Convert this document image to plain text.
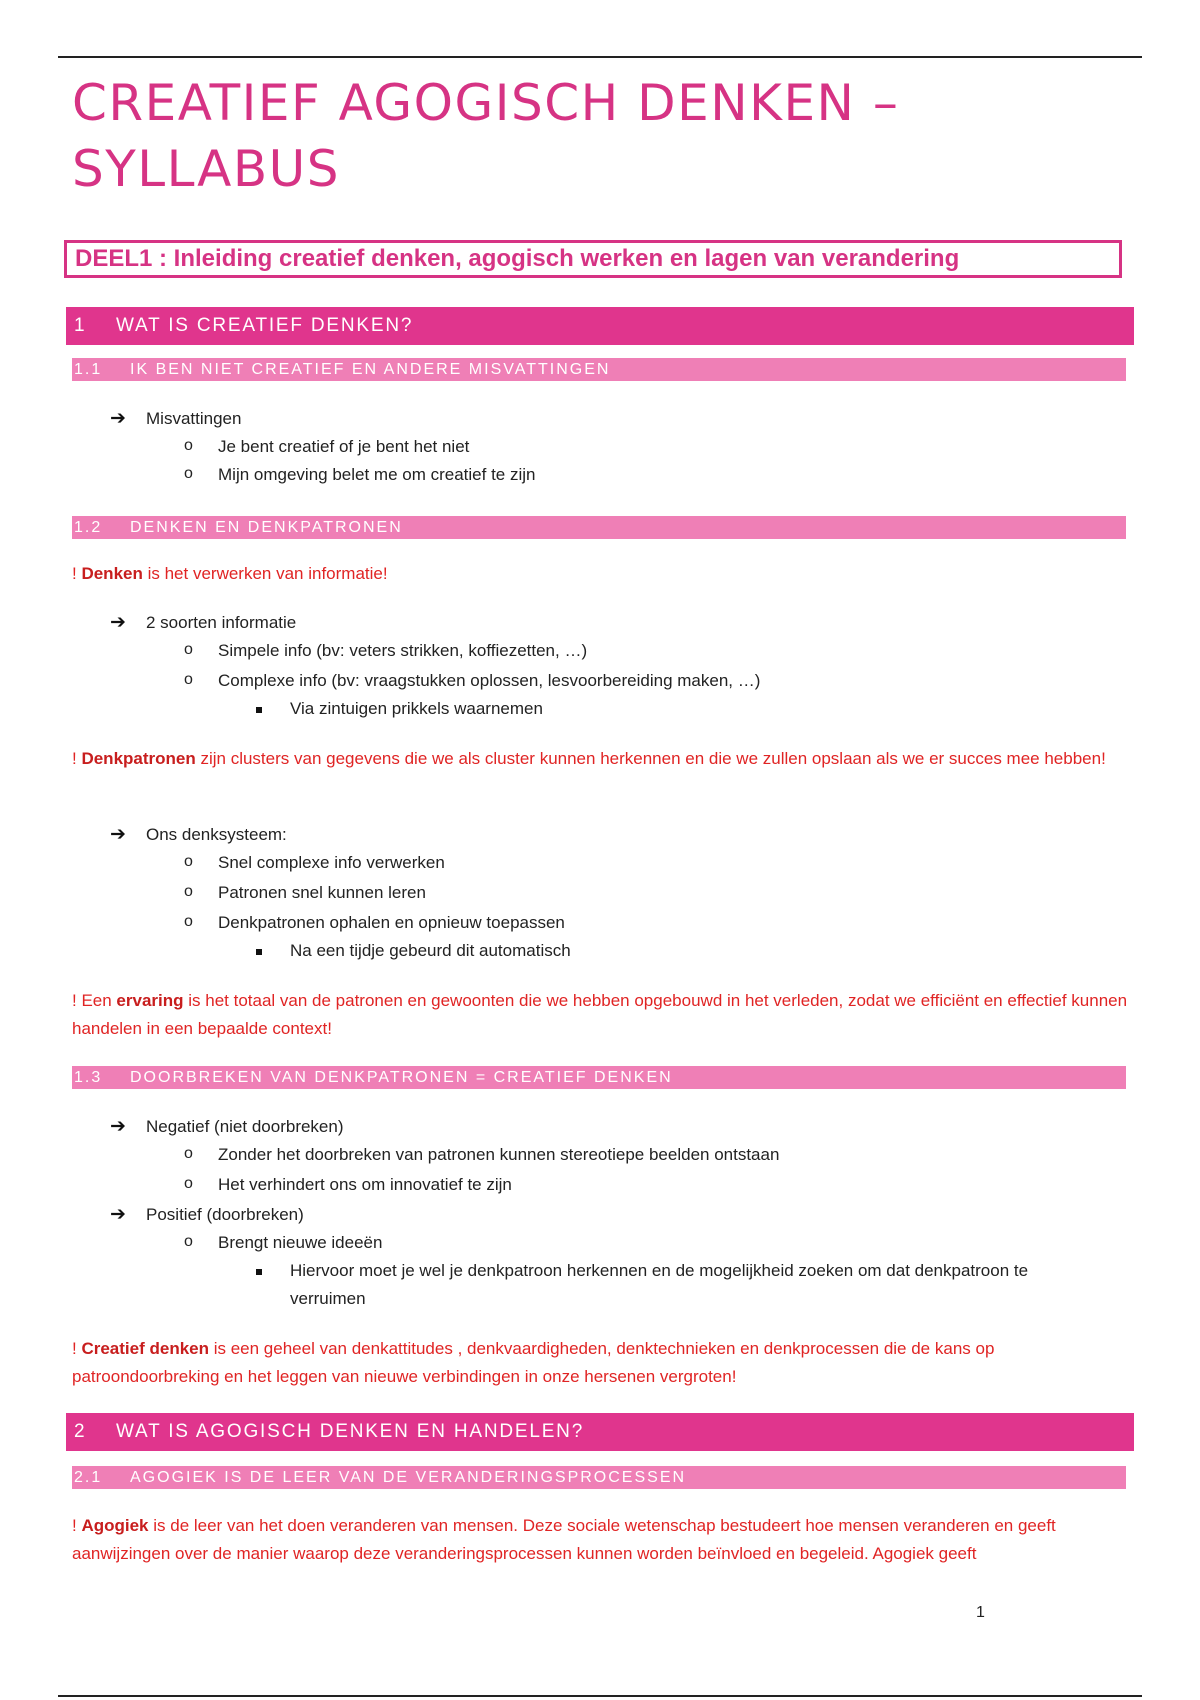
CREATIEF AGOGISCH DENKEN – SYLLABUS
DEEL1 : Inleiding creatief denken, agogisch werken en lagen van verandering
1 WAT IS CREATIEF DENKEN?
1.1 IK BEN NIET CREATIEF EN ANDERE MISVATTINGEN
➔ Misvattingen
o Je bent creatief of je bent het niet
o Mijn omgeving belet me om creatief te zijn
1.2 DENKEN EN DENKPATRONEN
! Denken is het verwerken van informatie!
➔ 2 soorten informatie
o Simpele info (bv: veters strikken, koffiezetten, …)
o Complexe info (bv: vraagstukken oplossen, lesvoorbereiding maken, …)
Via zintuigen prikkels waarnemen
! Denkpatronen zijn clusters van gegevens die we als cluster kunnen herkennen en die we zullen opslaan als we er succes mee hebben!
➔ Ons denksysteem:
o Snel complexe info verwerken
o Patronen snel kunnen leren
o Denkpatronen ophalen en opnieuw toepassen
Na een tijdje gebeurd dit automatisch
! Een ervaring is het totaal van de patronen en gewoonten die we hebben opgebouwd in het verleden, zodat we efficiënt en effectief kunnen handelen in een bepaalde context!
1.3 DOORBREKEN VAN DENKPATRONEN = CREATIEF DENKEN
➔ Negatief (niet doorbreken)
o Zonder het doorbreken van patronen kunnen stereotiepe beelden ontstaan
o Het verhindert ons om innovatief te zijn
➔ Positief (doorbreken)
o Brengt nieuwe ideeën
Hiervoor moet je wel je denkpatroon herkennen en de mogelijkheid zoeken om dat denkpatroon te
verruimen
! Creatief denken is een geheel van denkattitudes , denkvaardigheden, denktechnieken en denkprocessen die de kans op patroondoorbreking en het leggen van nieuwe verbindingen in onze hersenen vergroten!
2 WAT IS AGOGISCH DENKEN EN HANDELEN?
2.1 AGOGIEK IS DE LEER VAN DE VERANDERINGSPROCESSEN
! Agogiek is de leer van het doen veranderen van mensen. Deze sociale wetenschap bestudeert hoe mensen veranderen en geeft aanwijzingen over de manier waarop deze veranderingsprocessen kunnen worden beïnvloed en begeleid. Agogiek geeft
1
